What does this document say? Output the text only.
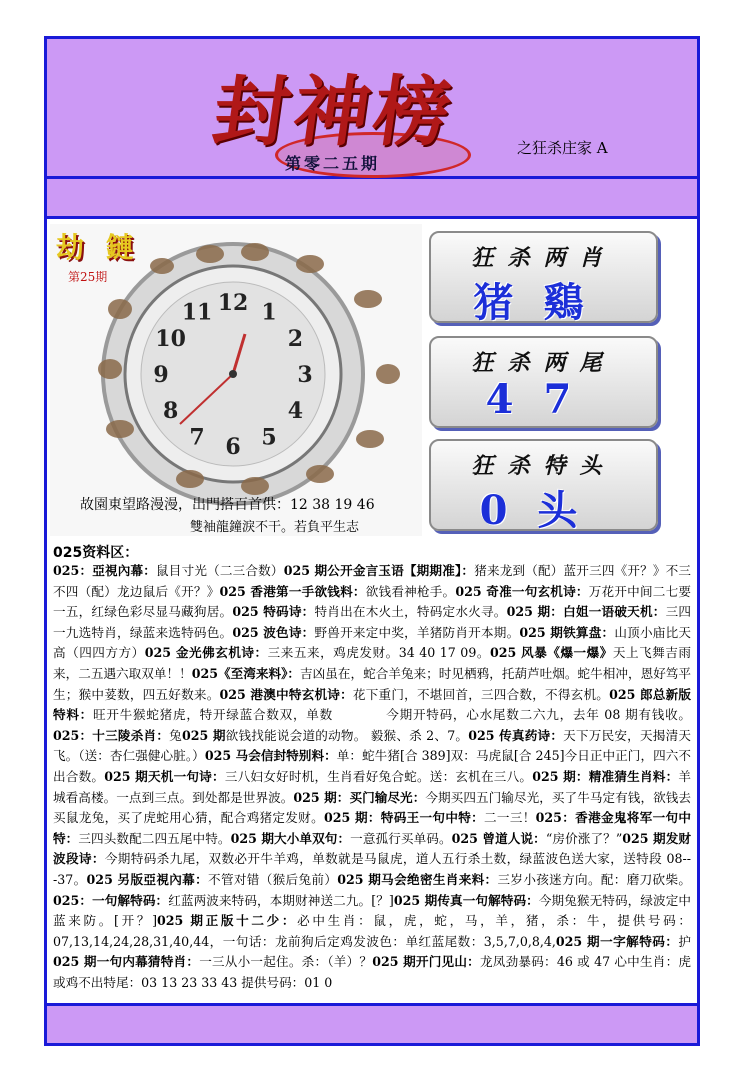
封神榜
第零二五期
之狂杀庄家 A
劫 鏈
第25期
12 1
2
3
4
5
6
7
8
9
10
11
故園東望路漫漫，出門搭百首供：12 38 19 46
雙袖龍鐘淚不干。若負平生志
狂杀两肖
猪鷄
狂杀两尾
47
狂杀特头
0头
025资料区：
025：亞視內幕：鼠目寸光（二三合数）025 期公开金言玉语【期期准】：猪来龙到（配）蓝开三四《开？》不三不四（配）龙边鼠后《开？》025 香港第一手欲钱料：欲钱看神枪手。025 奇准一句玄机诗：万花开中间二七要一五，红绿色彩尽显马藏狗居。025 特码诗：特肖出在木火土，特码定水火寻。025 期：白姐一语破天机：三四一九选特肖，绿蓝来选特码色。025 波色诗：野兽开来定中奖，羊猪防肖开本期。025 期铁算盘：山顶小庙比天高（四四方方）025 金光佛玄机诗：三来五来，鸡虎发财。34 40 17 09。025 风暴《爆一爆》天上飞舞吉雨来，二五遇六取双单！！025《至湾来料》：吉凶虽在，蛇合羊兔来；时见栖鸦，托葫芦吐烟。蛇牛相冲，恩好笃平生；猴中荽数，四五好数来。025 港澳中特玄机诗：花下重门，不堪回首，三四合数，不得玄机。025 郎总新版特料：旺开牛猴蛇猪虎，特开绿蓝合数双，单数　　　　今期开特码，心水尾数二六九，去年 08 期有钱收。025：十三陵杀肖：兔025 期欲钱找能说会道的动物。 毅猴、杀 2、7。025 传真药诗：天下万民安，天揭清天飞。（送：杏仁强健心脏。）025 马会信封特别料：单：蛇牛猪[合 389]双：马虎鼠[合 245]今日正中正门，四六不出合数。025 期天机一句诗：三八妇女好时机，生肖看好兔合蛇。送：玄机在三八。025 期：精准猜生肖料：羊城看高楼。一点到三点。到处都是世界波。025 期：买门输尽光：今期买四五门输尽光，买了牛马定有钱，欲钱去买鼠龙兔，买了虎蛇用心猜，配合鸡猪定发财。025 期：特码王一句中特：二一三！025：香港金鬼将军一句中特：三四头数配二四五尾中特。025 期大小单双句：一意孤行买单码。025 曾道人说：“房价涨了？”025 期发财波段诗：今期特码杀九尾，双数必开牛羊鸡，单数就是马鼠虎，道人五行杀土数，绿蓝波色送大家，送特段 08---37。025 另版亞視內幕：不管对错（猴后兔前）025 期马会绝密生肖来料：三岁小孩迷方向。配：磨刀砍柴。025：一句解特码：红蓝两波来特码，本期财神送二九。[？]025 期传真一句解特码：今期兔猴无特码，绿波定中蓝来防。[开？]025 期正版十二少：必中生肖：鼠，虎，蛇，马，羊，猪，杀：牛，提供号码：07,13,14,24,28,31,40,44，一句话：龙前狗后定鸡发波色：单红蓝尾数：3,5,7,0,8,4,025 期一字解特码：护025 期一句内幕猜特肖：一三从小一起住。杀：（羊）？025 期开门见山：龙凤劲暴码：46 或 47 心中生肖：虎或鸡不出特尾：03 13 23 33 43 提供号码：01 0
